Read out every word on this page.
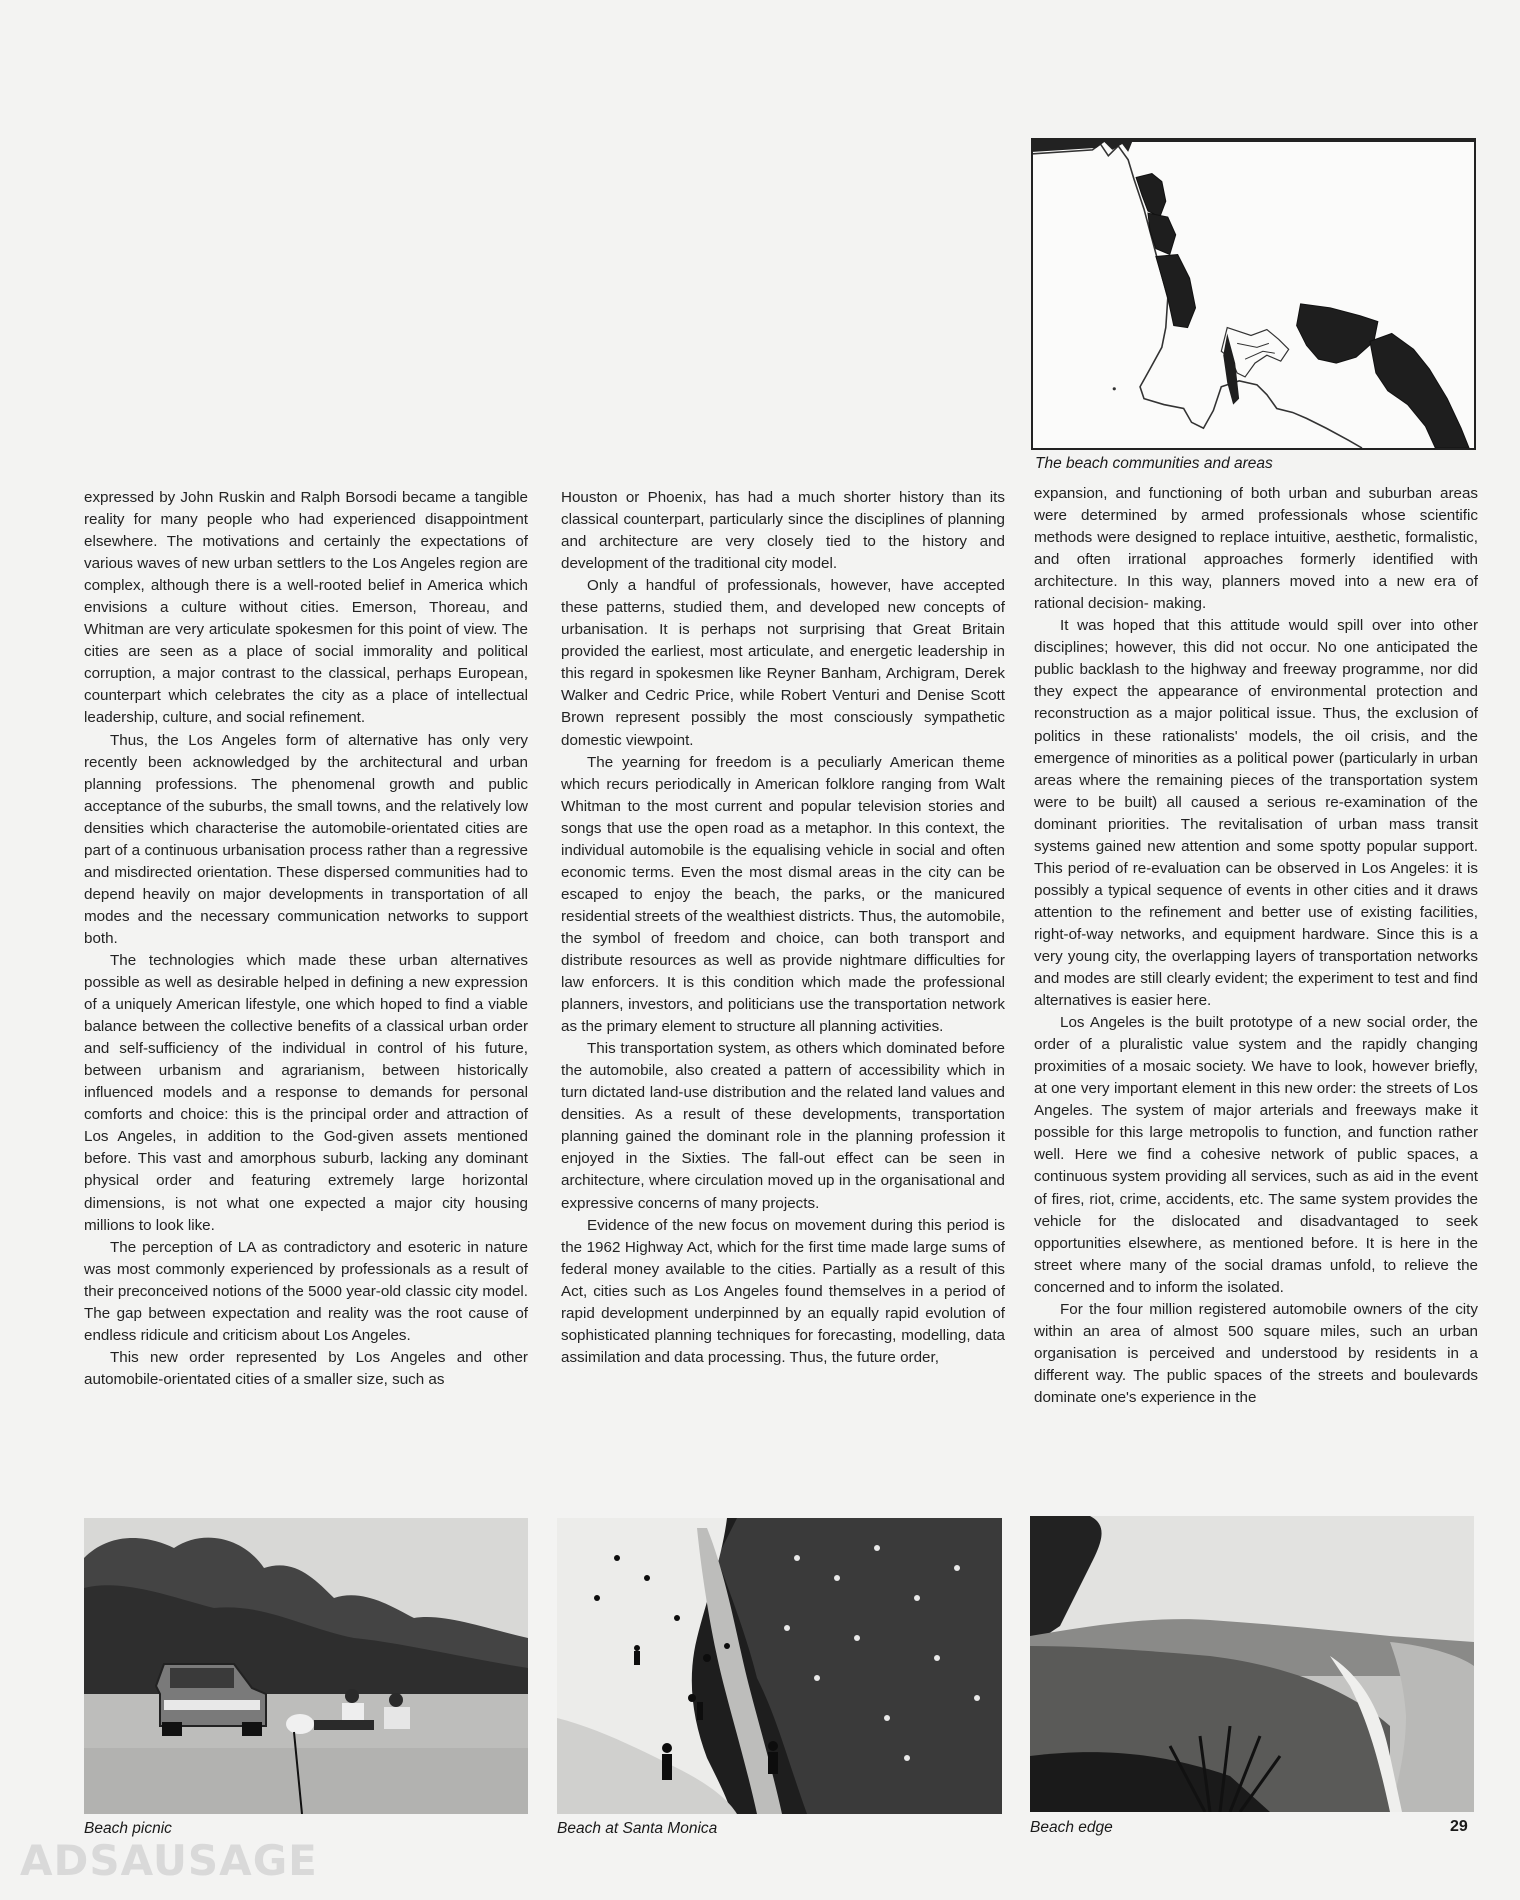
The beach communities and areas

expressed by John Ruskin and Ralph Borsodi became a tangible reality for many people who had experienced disappointment elsewhere. The motivations and certainly the expectations of various waves of new urban settlers to the Los Angeles region are complex, although there is a well-rooted belief in America which envisions a culture without cities. Emerson, Thoreau, and Whitman are very articulate spokesmen for this point of view. The cities are seen as a place of social immorality and political corruption, a major contrast to the classical, perhaps European, counterpart which celebrates the city as a place of intellectual leadership, culture, and social refinement.

Thus, the Los Angeles form of alternative has only very recently been acknowledged by the architectural and urban planning professions. The phenomenal growth and public acceptance of the suburbs, the small towns, and the relatively low densities which characterise the automobile-orientated cities are part of a continuous urbanisation process rather than a regressive and misdirected orientation. These dispersed communities had to depend heavily on major developments in transportation of all modes and the necessary communication networks to support both.

The technologies which made these urban alternatives possible as well as desirable helped in defining a new expression of a uniquely American lifestyle, one which hoped to find a viable balance between the collective benefits of a classical urban order and self-sufficiency of the individual in control of his future, between urbanism and agrarianism, between historically influenced models and a response to demands for personal comforts and choice: this is the principal order and attraction of Los Angeles, in addition to the God-given assets mentioned before. This vast and amorphous suburb, lacking any dominant physical order and featuring extremely large horizontal dimensions, is not what one expected a major city housing millions to look like.

The perception of LA as contradictory and esoteric in nature was most commonly experienced by professionals as a result of their preconceived notions of the 5000 year-old classic city model. The gap between expectation and reality was the root cause of endless ridicule and criticism about Los Angeles.

This new order represented by Los Angeles and other automobile-orientated cities of a smaller size, such as

Houston or Phoenix, has had a much shorter history than its classical counterpart, particularly since the disciplines of planning and architecture are very closely tied to the history and development of the traditional city model.

Only a handful of professionals, however, have accepted these patterns, studied them, and developed new concepts of urbanisation. It is perhaps not surprising that Great Britain provided the earliest, most articulate, and energetic leadership in this regard in spokesmen like Reyner Banham, Archigram, Derek Walker and Cedric Price, while Robert Venturi and Denise Scott Brown represent possibly the most consciously sympathetic domestic viewpoint.

The yearning for freedom is a peculiarly American theme which recurs periodically in American folklore ranging from Walt Whitman to the most current and popular television stories and songs that use the open road as a metaphor. In this context, the individual automobile is the equalising vehicle in social and often economic terms. Even the most dismal areas in the city can be escaped to enjoy the beach, the parks, or the manicured residential streets of the wealthiest districts. Thus, the automobile, the symbol of freedom and choice, can both transport and distribute resources as well as provide nightmare difficulties for law enforcers. It is this condition which made the professional planners, investors, and politicians use the transportation network as the primary element to structure all planning activities.

This transportation system, as others which dominated before the automobile, also created a pattern of accessibility which in turn dictated land-use distribution and the related land values and densities. As a result of these developments, transportation planning gained the dominant role in the planning profession it enjoyed in the Sixties. The fall-out effect can be seen in architecture, where circulation moved up in the organisational and expressive concerns of many projects.

Evidence of the new focus on movement during this period is the 1962 Highway Act, which for the first time made large sums of federal money available to the cities. Partially as a result of this Act, cities such as Los Angeles found themselves in a period of rapid development underpinned by an equally rapid evolution of sophisticated planning techniques for forecasting, modelling, data assimilation and data processing. Thus, the future order,

expansion, and functioning of both urban and suburban areas were determined by armed professionals whose scientific methods were designed to replace intuitive, aesthetic, formalistic, and often irrational approaches formerly identified with architecture. In this way, planners moved into a new era of rational decision- making.

It was hoped that this attitude would spill over into other disciplines; however, this did not occur. No one anticipated the public backlash to the highway and freeway programme, nor did they expect the appearance of environmental protection and reconstruction as a major political issue. Thus, the exclusion of politics in these rationalists' models, the oil crisis, and the emergence of minorities as a political power (particularly in urban areas where the remaining pieces of the transportation system were to be built) all caused a serious re-examination of the dominant priorities. The revitalisation of urban mass transit systems gained new attention and some spotty popular support. This period of re-evaluation can be observed in Los Angeles: it is possibly a typical sequence of events in other cities and it draws attention to the refinement and better use of existing facilities, right-of-way networks, and equipment hardware. Since this is a very young city, the overlapping layers of transportation networks and modes are still clearly evident; the experiment to test and find alternatives is easier here.

Los Angeles is the built prototype of a new social order, the order of a pluralistic value system and the rapidly changing proximities of a mosaic society. We have to look, however briefly, at one very important element in this new order: the streets of Los Angeles. The system of major arterials and freeways make it possible for this large metropolis to function, and function rather well. Here we find a cohesive network of public spaces, a continuous system providing all services, such as aid in the event of fires, riot, crime, accidents, etc. The same system provides the vehicle for the dislocated and disadvantaged to seek opportunities elsewhere, as mentioned before. It is here in the street where many of the social dramas unfold, to relieve the concerned and to inform the isolated.

For the four million registered automobile owners of the city within an area of almost 500 square miles, such an urban organisation is perceived and understood by residents in a different way. The public spaces of the streets and boulevards dominate one's experience in the

Beach picnic	Beach at Santa Monica	Beach edge	29
ADSAUSAGE
